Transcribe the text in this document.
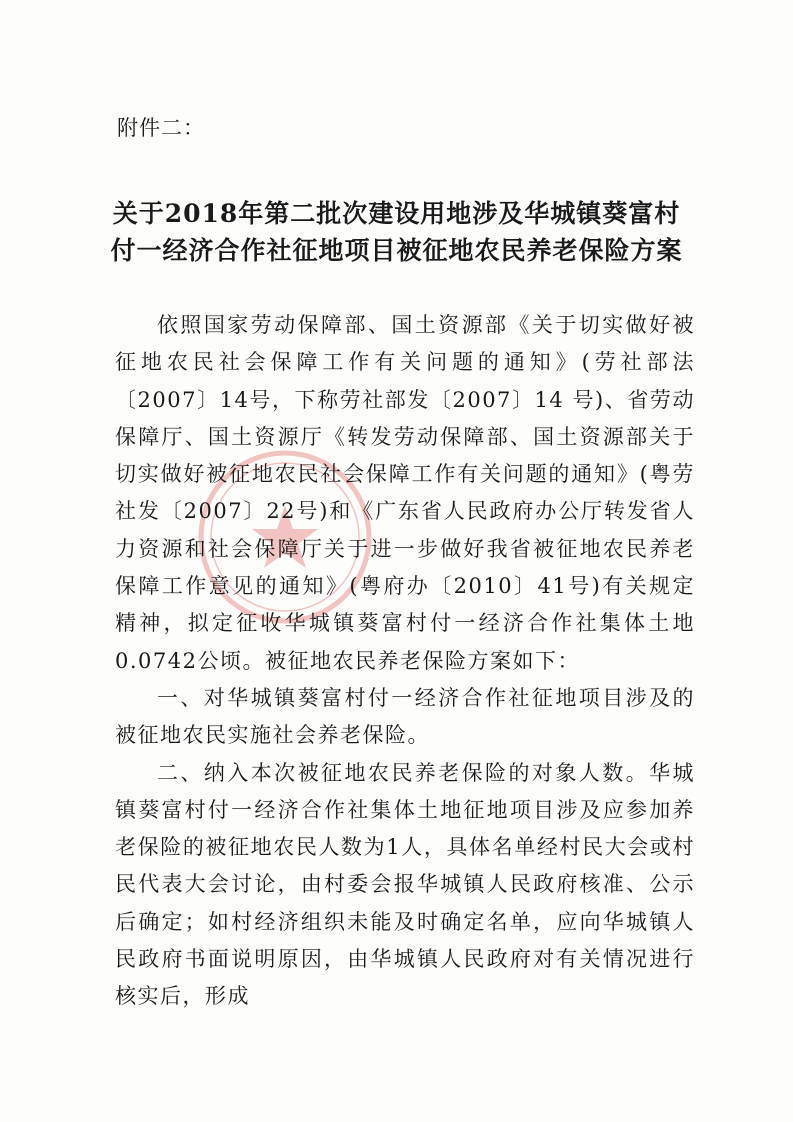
附件二：
关于2018年第二批次建设用地涉及华城镇葵富村
付一经济合作社征地项目被征地农民养老保险方案

依照国家劳动保障部、国土资源部《关于切实做好被征地农民社会保障工作有关问题的通知》(劳社部法〔2007〕14号，下称劳社部发〔2007〕14 号)、省劳动保障厅、国土资源厅《转发劳动保障部、国土资源部关于切实做好被征地农民社会保障工作有关问题的通知》(粤劳社发〔2007〕22号)和《广东省人民政府办公厅转发省人力资源和社会保障厅关于进一步做好我省被征地农民养老保障工作意见的通知》(粤府办〔2010〕41号)有关规定精神，拟定征收华城镇葵富村付一经济合作社集体土地0.0742公顷。被征地农民养老保险方案如下：

一、对华城镇葵富村付一经济合作社征地项目涉及的被征地农民实施社会养老保险。

二、纳入本次被征地农民养老保险的对象人数。华城镇葵富村付一经济合作社集体土地征地项目涉及应参加养老保险的被征地农民人数为1人，具体名单经村民大会或村民代表大会讨论，由村委会报华城镇人民政府核准、公示后确定；如村经济组织未能及时确定名单，应向华城镇人民政府书面说明原因，由华城镇人民政府对有关情况进行核实后，形成
